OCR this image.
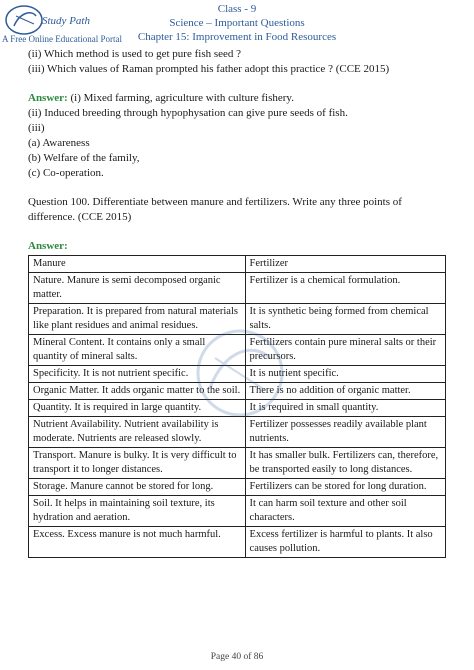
Study Path
Class - 9
Science – Important Questions
Chapter 15: Improvement in Food Resources
A Free Online Educational Portal
(ii) Which method is used to get pure fish seed ?
(iii) Which values of Raman prompted his father adopt this practice ? (CCE 2015)
Answer: (i) Mixed farming, agriculture with culture fishery.
(ii) Induced breeding through hypophysation can give pure seeds of fish.
(iii)
(a) Awareness
(b) Welfare of the family,
(c) Co-operation.
Question 100. Differentiate between manure and fertilizers. Write any three points of
difference. (CCE 2015)
Answer:
Manure	Fertilizer
Nature. Manure is semi decomposed organic matter.	Fertilizer is a chemical formulation.
Preparation. It is prepared from natural materials like plant residues and animal residues.	It is synthetic being formed from chemical salts.
Mineral Content. It contains only a small quantity of mineral salts.	Fertilizers contain pure mineral salts or their precursors.
Specificity. It is not nutrient specific.	It is nutrient specific.
Organic Matter. It adds organic matter to the soil.	There is no addition of organic matter.
Quantity. It is required in large quantity.	It is required in small quantity.
Nutrient Availability. Nutrient availability is moderate. Nutrients are released slowly.	Fertilizer possesses readily available plant nutrients.
Transport. Manure is bulky. It is very difficult to transport it to longer distances.	It has smaller bulk. Fertilizers can, therefore, be transported easily to long distances.
Storage. Manure cannot be stored for long.	Fertilizers can be stored for long duration.
Soil. It helps in maintaining soil texture, its hydration and aeration.	It can harm soil texture and other soil characters.
Excess. Excess manure is not much harmful.	Excess fertilizer is harmful to plants. It also causes pollution.
Page 40 of 86
